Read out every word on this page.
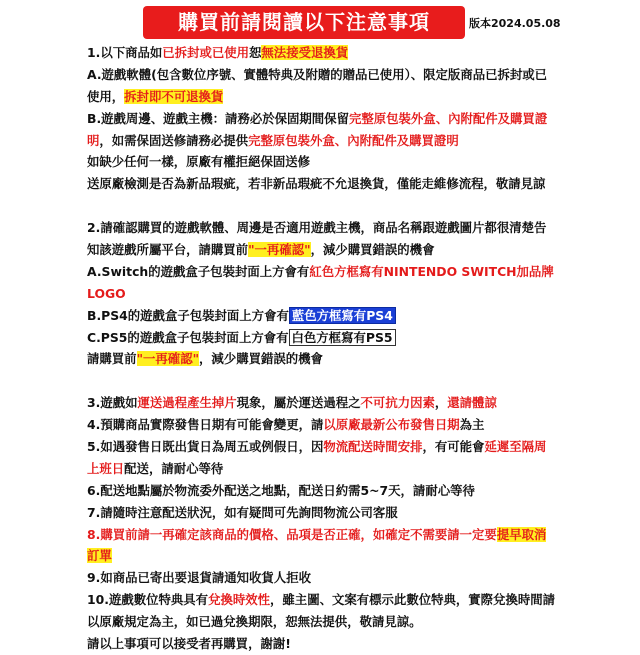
購買前請閱讀以下注意事項	版本2024.05.08
1.以下商品如已拆封或已使用恕無法接受退換貨
A.遊戲軟體(包含數位序號、實體特典及附贈的贈品已使用）、限定版商品已拆封或已
使用，拆封即不可退換貨
B.遊戲周邊、遊戲主機：請務必於保固期間保留完整原包裝外盒、內附配件及購買證
明，如需保固送修請務必提供完整原包裝外盒、內附配件及購買證明
如缺少任何一樣，原廠有權拒絕保固送修
送原廠檢測是否為新品瑕疵，若非新品瑕疵不允退換貨，僅能走維修流程，敬請見諒
2.請確認購買的遊戲軟體、周邊是否適用遊戲主機，商品名稱跟遊戲圖片都很清楚告
知該遊戲所屬平台，請購買前"一再確認"，減少購買錯誤的機會
A.Switch的遊戲盒子包裝封面上方會有紅色方框寫有NINTENDO SWITCH加品牌
LOGO
B.PS4的遊戲盒子包裝封面上方會有 藍色方框寫有PS4
C.PS5的遊戲盒子包裝封面上方會有 白色方框寫有PS5
請購買前"一再確認"，減少購買錯誤的機會
3.遊戲如運送過程產生掉片現象，屬於運送過程之不可抗力因素，還請體諒
4.預購商品實際發售日期有可能會變更，請以原廠最新公布發售日期為主
5.如遇發售日既出貨日為周五或例假日，因物流配送時間安排，有可能會延遲至隔周
上班日配送，請耐心等待
6.配送地點屬於物流委外配送之地點，配送日約需5~7天，請耐心等待
7.請隨時注意配送狀況，如有疑問可先詢問物流公司客服
8.購買前請一再確定該商品的價格、品項是否正確，如確定不需要請一定要提早取消
訂單
9.如商品已寄出要退貨請通知收貨人拒收
10.遊戲數位特典具有兌換時效性，雖主圖、文案有標示此數位特典，實際兌換時間請
以原廠規定為主，如已過兌換期限，恕無法提供，敬請見諒。
請以上事項可以接受者再購買，謝謝!
